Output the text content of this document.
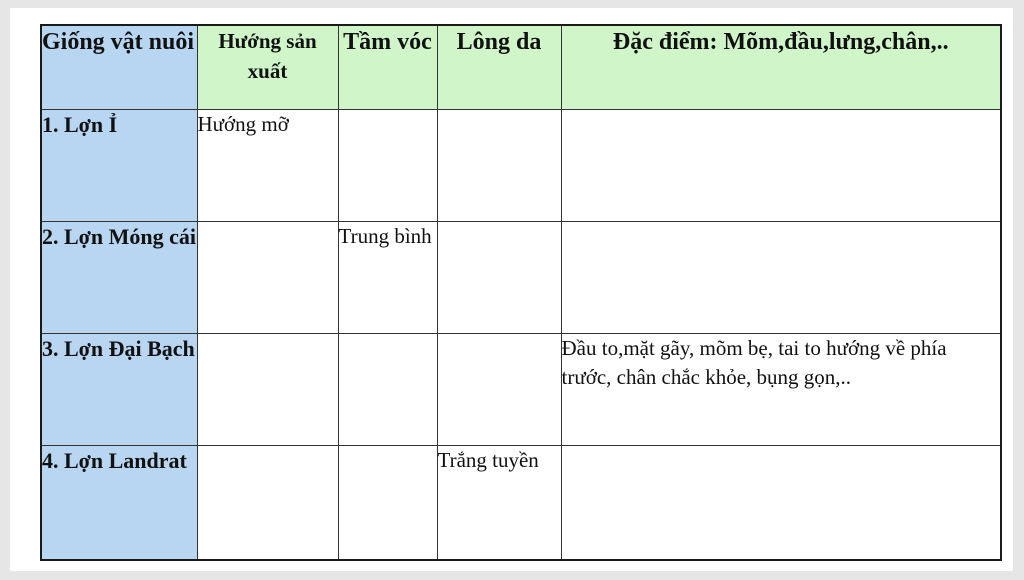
Giống vật nuôi	Hướng sản xuất	Tầm vóc	Lông da	Đặc điểm: Mõm,đầu,lưng,chân,..
1. Lợn Ỉ	Hướng mỡ			
2. Lợn Móng cái		Trung bình		
3. Lợn Đại Bạch				Đầu to,mặt gãy, mõm bẹ, tai to hướng về phía trước, chân chắc khỏe, bụng gọn,..
4. Lợn Landrat			Trắng tuyền	
